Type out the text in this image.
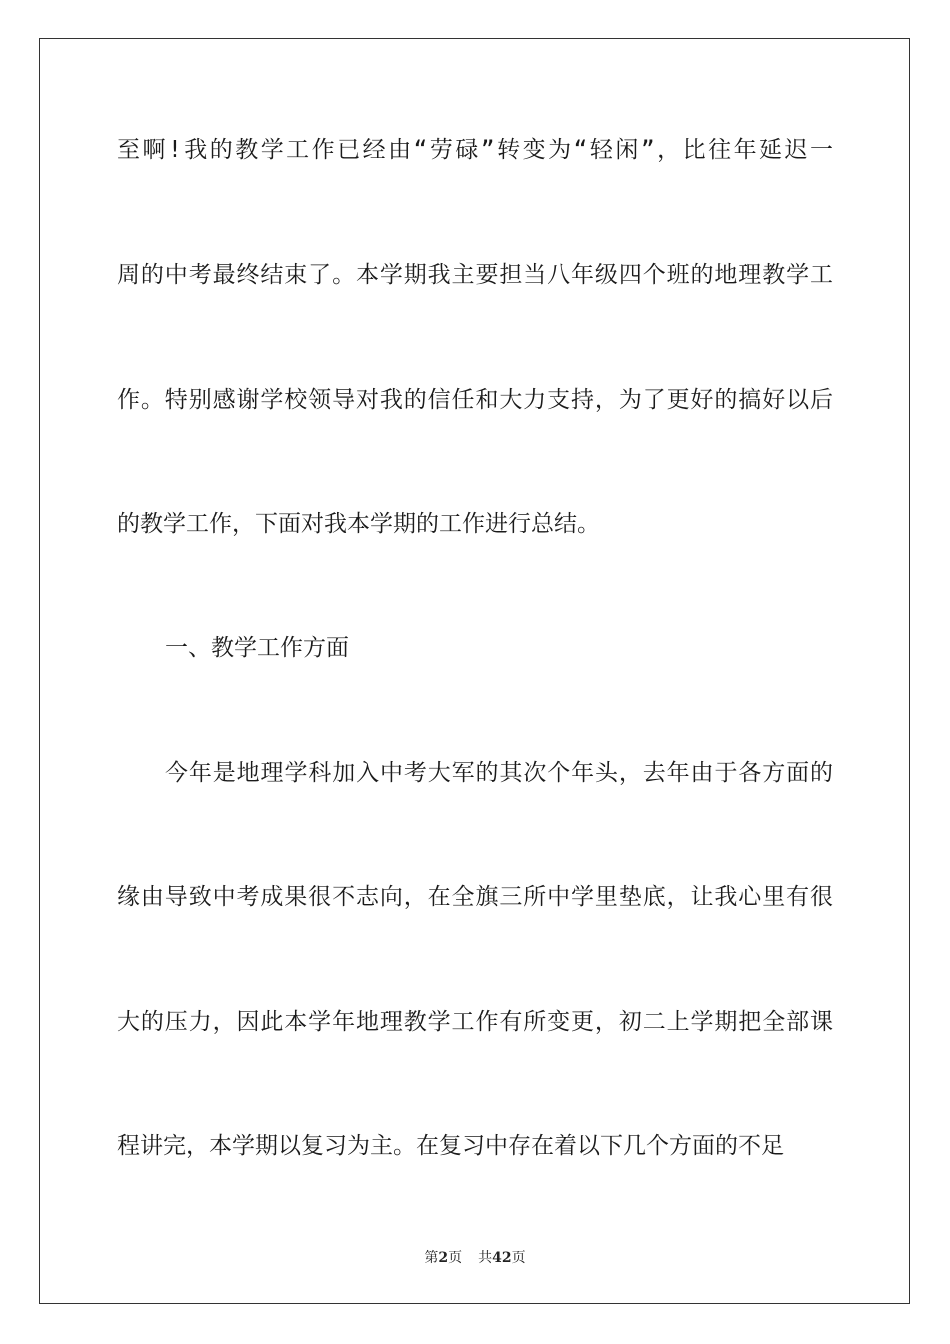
至啊!我的教学工作已经由“劳碌”转变为“轻闲”，比往年延迟一
周的中考最终结束了。本学期我主要担当八年级四个班的地理教学工
作。特别感谢学校领导对我的信任和大力支持，为了更好的搞好以后
的教学工作，下面对我本学期的工作进行总结。
一、教学工作方面
今年是地理学科加入中考大军的其次个年头，去年由于各方面的
缘由导致中考成果很不志向，在全旗三所中学里垫底，让我心里有很
大的压力，因此本学年地理教学工作有所变更，初二上学期把全部课
程讲完，本学期以复习为主。在复习中存在着以下几个方面的不足
第2页 共42页
